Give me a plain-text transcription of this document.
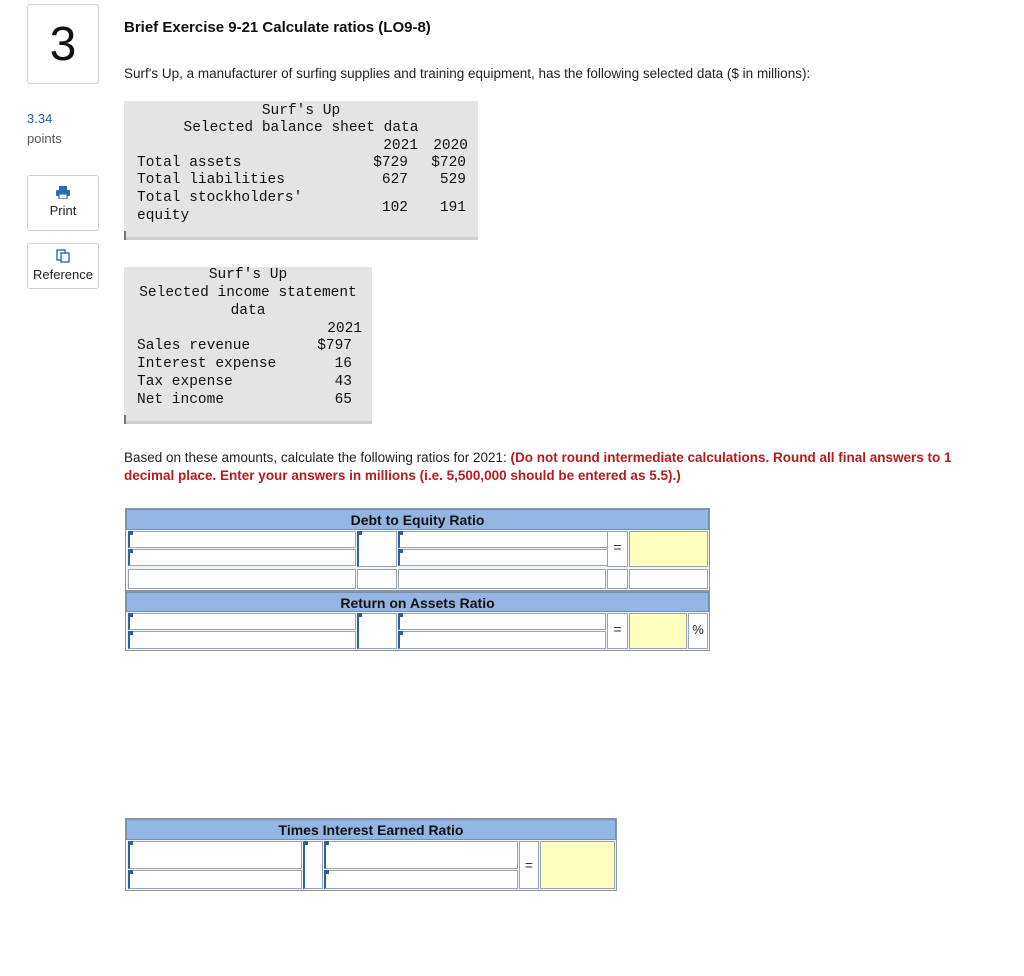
3
3.34
points
Print
Reference
Brief Exercise 9-21 Calculate ratios (LO9-8)
Surf's Up, a manufacturer of surfing supplies and training equipment, has the following selected data ($ in millions):
Surf's Up
Selected balance sheet data
2021	2020
Total assets	$729	$720
Total liabilities	627	529
Total stockholders'
equity	102	191
Surf's Up
Selected income statement
data
2021
Sales revenue	$797
Interest expense	16
Tax expense	43
Net income	65
Based on these amounts, calculate the following ratios for 2021: (Do not round intermediate calculations. Round all final answers to 1 decimal place. Enter your answers in millions (i.e. 5,500,000 should be entered as 5.5).)
Debt to Equity Ratio
=
Return on Assets Ratio
=	%
Times Interest Earned Ratio
=
